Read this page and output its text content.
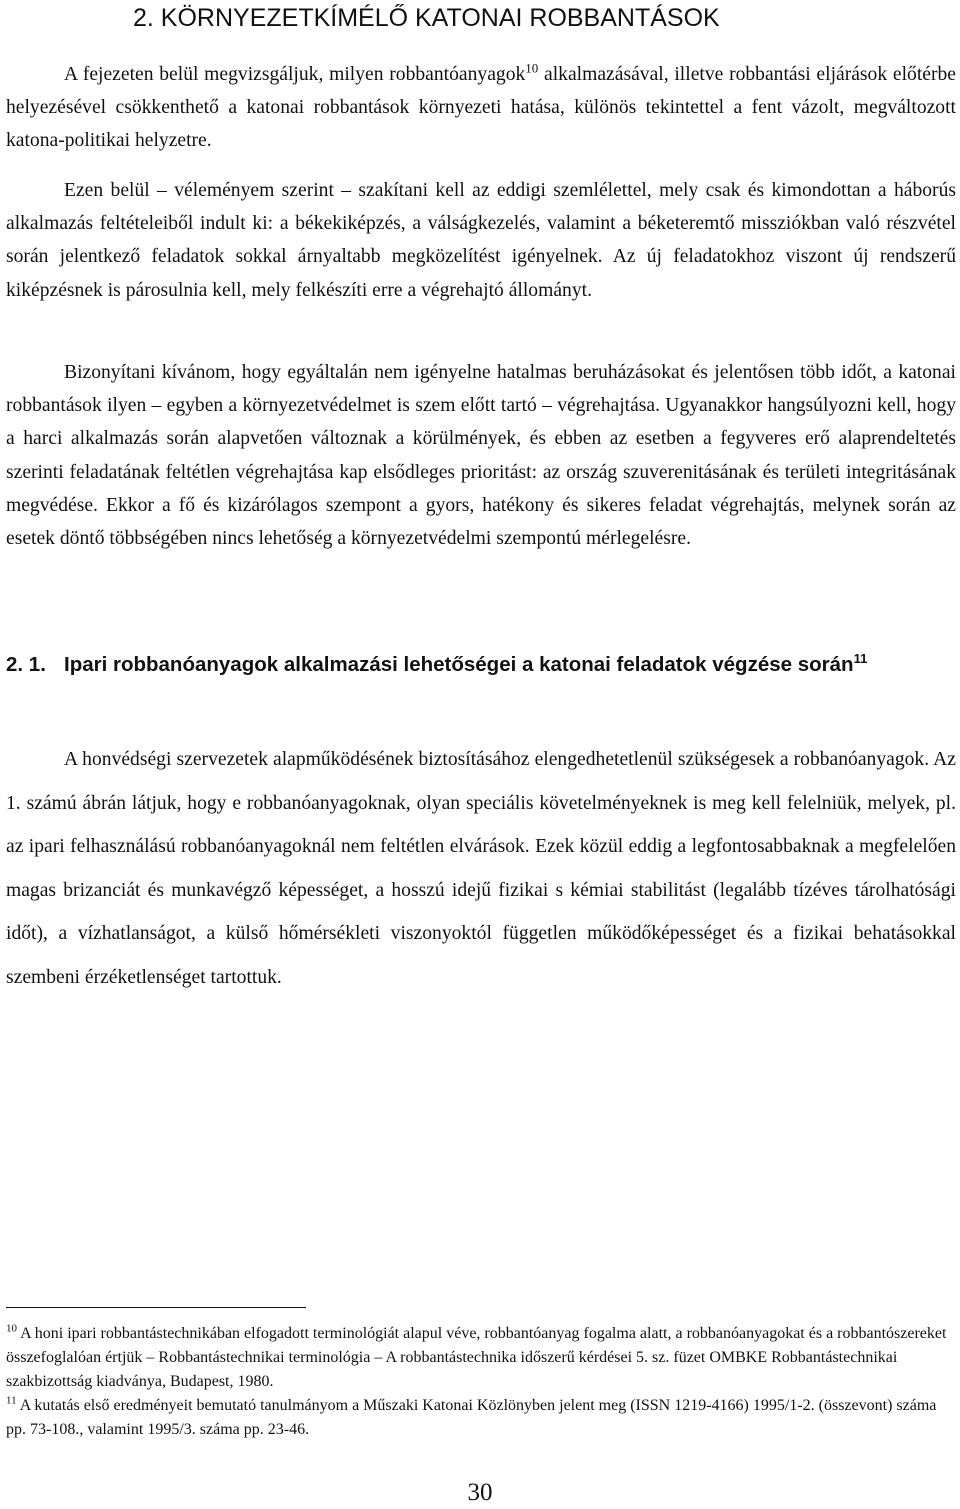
2. KÖRNYEZETKÍMÉLŐ KATONAI ROBBANTÁSOK

A fejezeten belül megvizsgáljuk, milyen robbantóanyagok$^{10}$ alkalmazásával, illetve robbantási eljárások előtérbe helyezésével csökkenthető a katonai robbantások környezeti hatása, különös tekintettel a fent vázolt, megváltozott katona-politikai helyzetre.

Ezen belül – véleményem szerint – szakítani kell az eddigi szemlélettel, mely csak és kimondottan a háborús alkalmazás feltételeiből indult ki: a békekiképzés, a válságkezelés, valamint a béketeremtő missziókban való részvétel során jelentkező feladatok sokkal árnyaltabb megközelítést igényelnek. Az új feladatokhoz viszont új rendszerű kiképzésnek is párosulnia kell, mely felkészíti erre a végrehajtó állományt.

Bizonyítani kívánom, hogy egyáltalán nem igényelne hatalmas beruházásokat és jelentősen több időt, a katonai robbantások ilyen – egyben a környezetvédelmet is szem előtt tartó – végrehajtása. Ugyanakkor hangsúlyozni kell, hogy a harci alkalmazás során alapvetően változnak a körülmények, és ebben az esetben a fegyveres erő alaprendeltetés szerinti feladatának feltétlen végrehajtása kap elsődleges prioritást: az ország szuverenitásának és területi integritásának megvédése. Ekkor a fő és kizárólagos szempont a gyors, hatékony és sikeres feladat végrehajtás, melynek során az esetek döntő többségében nincs lehetőség a környezetvédelmi szempontú mérlegelésre.

2. 1. Ipari robbanóanyagok alkalmazási lehetőségei a katonai feladatok végzése során$^{11}$

A honvédségi szervezetek alapműködésének biztosításához elengedhetetlenül szükségesek a robbanóanyagok. Az 1. számú ábrán látjuk, hogy e robbanóanyagoknak, olyan speciális követelményeknek is meg kell felelniük, melyek, pl. az ipari felhasználású robbanóanyagoknál nem feltétlen elvárások. Ezek közül eddig a legfontosabbaknak a megfelelően magas brizanciát és munkavégző képességet, a hosszú idejű fizikai s kémiai stabilitást (legalább tízéves tárolhatósági időt), a vízhatlanságot, a külső hőmérsékleti viszonyoktól független működőképességet és a fizikai behatásokkal szembeni érzéketlenséget tartottuk.

$^{10}$ A honi ipari robbantástechnikában elfogadott terminológiát alapul véve, robbantóanyag fogalma alatt, a robbanóanyagokat és a robbantószereket összefoglalóan értjük – Robbantástechnikai terminológia – A robbantástechnika időszerű kérdései 5. sz. füzet OMBKE Robbantástechnikai szakbizottság kiadványa, Budapest, 1980.

$^{11}$ A kutatás első eredményeit bemutató tanulmányom a Műszaki Katonai Közlönyben jelent meg (ISSN 1219-4166) 1995/1-2. (összevont) száma pp. 73-108., valamint 1995/3. száma pp. 23-46.

30
